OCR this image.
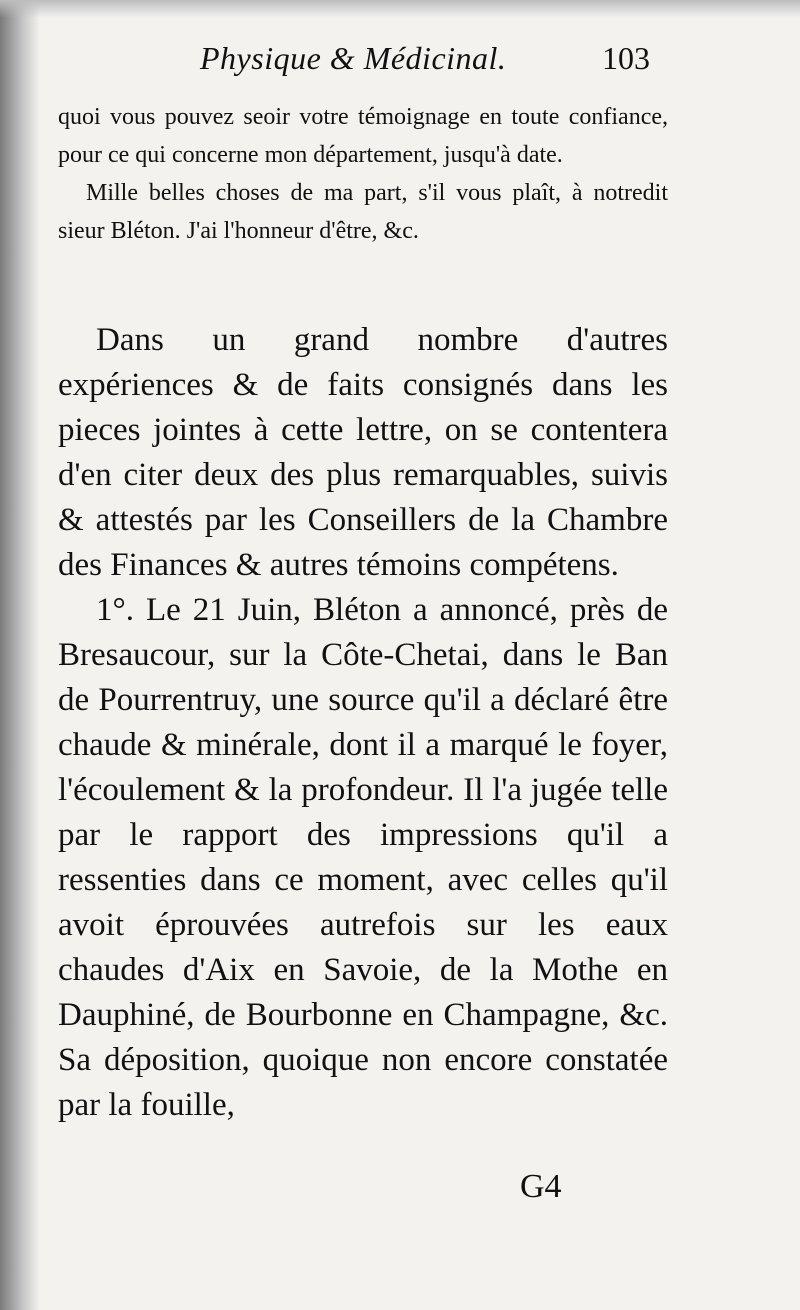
Physique & Médicinal.	103

quoi vous pouvez seoir votre témoignage en toute confiance, pour ce qui concerne mon département, jusqu'à date.

Mille belles choses de ma part, s'il vous plaît, à notredit sieur Bléton. J'ai l'honneur d'être, &c.

Dans un grand nombre d'autres expériences & de faits consignés dans les pieces jointes à cette lettre, on se contentera d'en citer deux des plus remarquables, suivis & attestés par les Conseillers de la Chambre des Finances & autres témoins compétens.

1°. Le 21 Juin, Bléton a annoncé, près de Bresaucour, sur la Côte-Chetai, dans le Ban de Pourrentruy, une source qu'il a déclaré être chaude & minérale, dont il a marqué le foyer, l'écoulement & la profondeur. Il l'a jugée telle par le rapport des impressions qu'il a ressenties dans ce moment, avec celles qu'il avoit éprouvées autrefois sur les eaux chaudes d'Aix en Savoie, de la Mothe en Dauphiné, de Bourbonne en Champagne, &c. Sa déposition, quoique non encore constatée par la fouille,

G4
